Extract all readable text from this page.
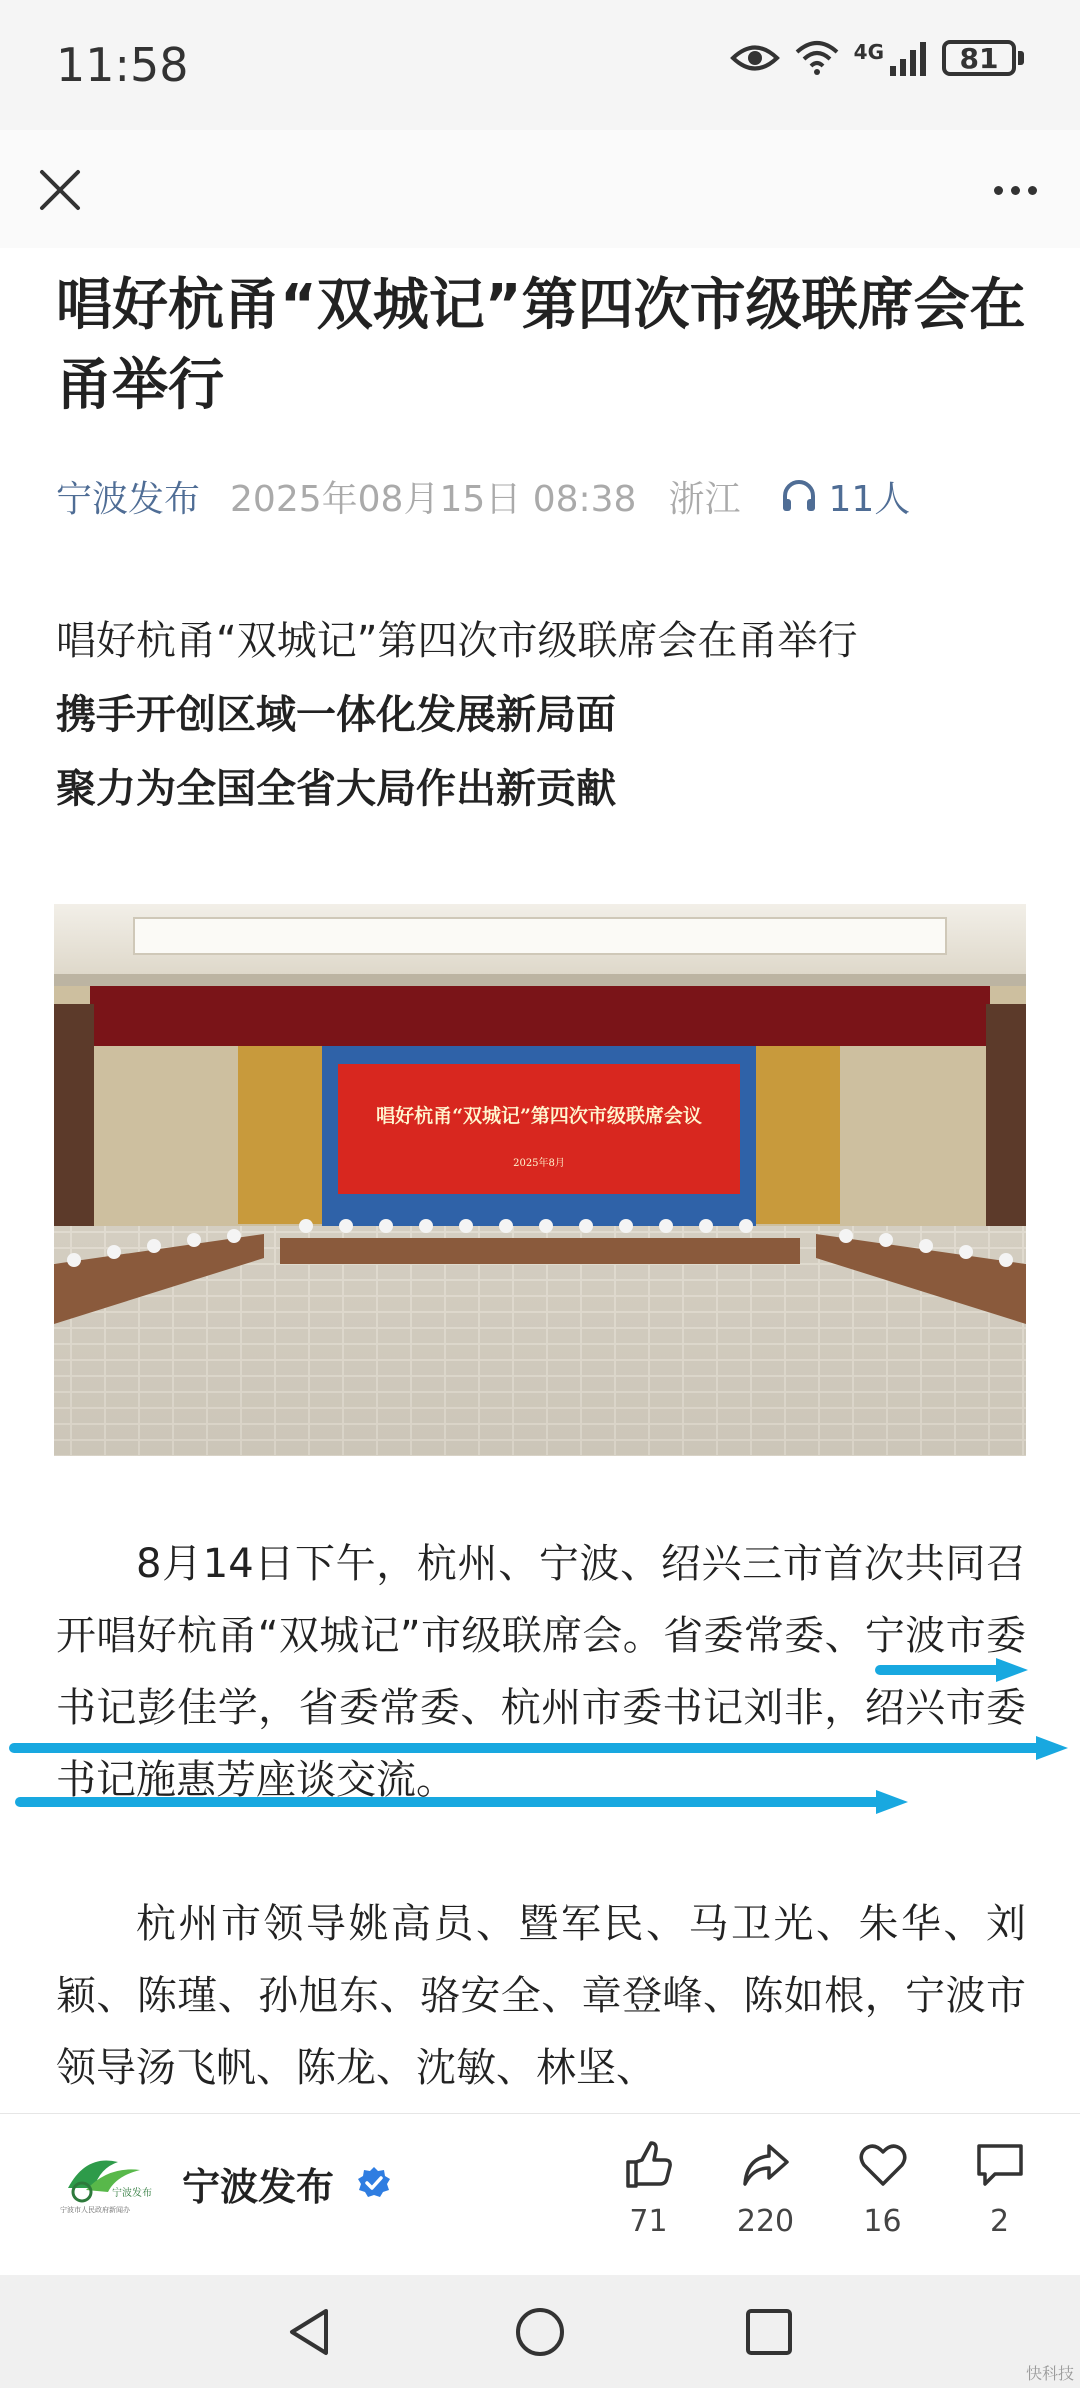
11:58	4G	81
唱好杭甬“双城记”第四次市级联席会在甬举行
宁波发布 2025年08月15日 08:38 浙江 11人
唱好杭甬“双城记”第四次市级联席会在甬举行
携手开创区域一体化发展新局面
聚力为全国全省大局作出新贡献
唱好杭甬“双城记”第四次市级联席会议
2025年8月

8月14日下午，杭州、宁波、绍兴三市首次共同召开唱好杭甬“双城记”市级联席会。省委常委、宁波市委书记彭佳学，省委常委、杭州市委书记刘非，绍兴市委书记施惠芳座谈交流。

杭州市领导姚高员、暨军民、马卫光、朱华、刘颖、陈瑾、孙旭东、骆安全、章登峰、陈如根，宁波市领导汤飞帆、陈龙、沈敏、林坚、

宁波发布
宁波市人民政府新闻办
宁波发布
71 220 16	2
快科技
